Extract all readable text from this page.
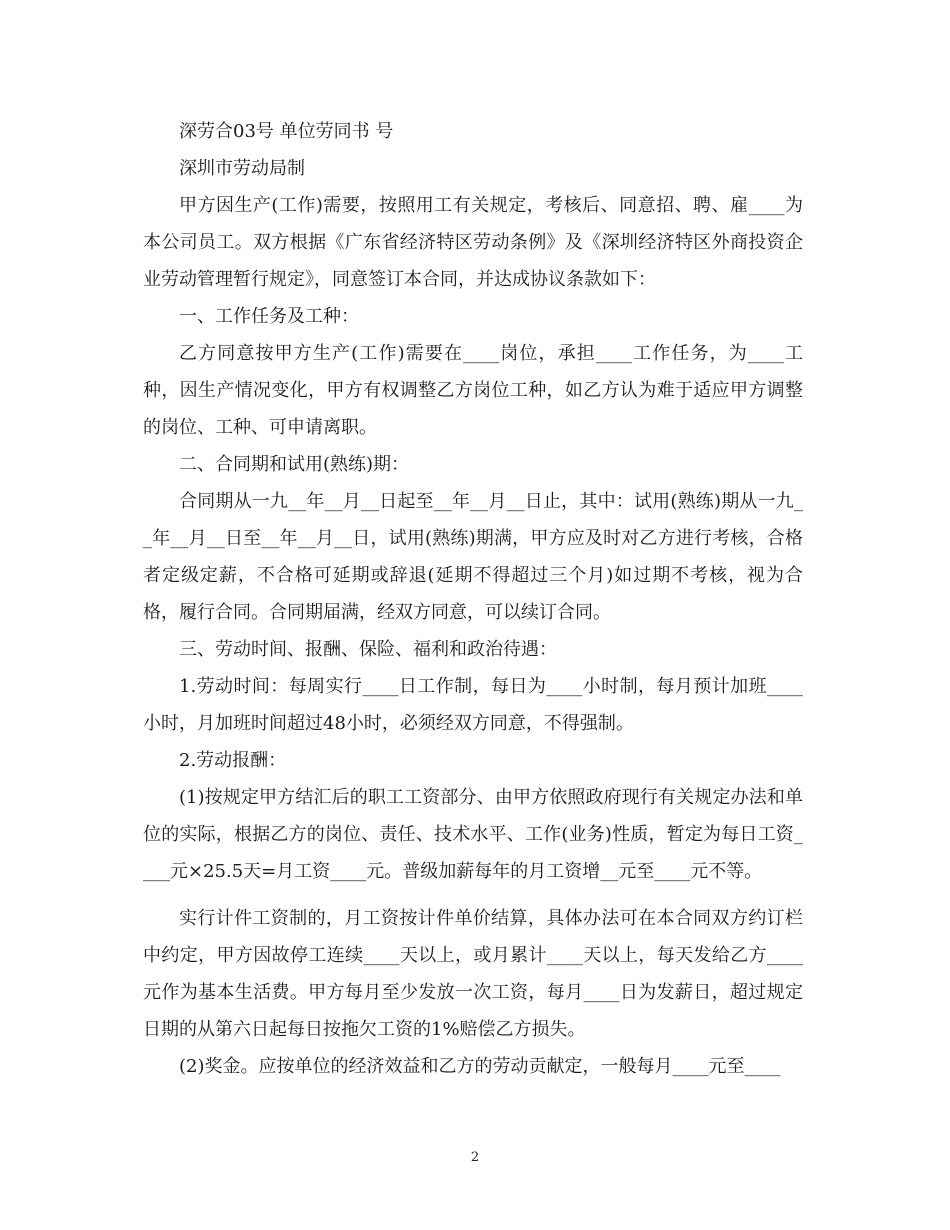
深劳合03号 单位劳同书 号

深圳市劳动局制

甲方因生产(工作)需要，按照用工有关规定，考核后、同意招、聘、雇____为本公司员工。双方根据《广东省经济特区劳动条例》及《深圳经济特区外商投资企业劳动管理暂行规定》，同意签订本合同，并达成协议条款如下：

一、工作任务及工种：

乙方同意按甲方生产(工作)需要在____岗位，承担____工作任务，为____工种，因生产情况变化，甲方有权调整乙方岗位工种，如乙方认为难于适应甲方调整的岗位、工种、可申请离职。

二、合同期和试用(熟练)期：

合同期从一九__年__月__日起至__年__月__日止，其中：试用(熟练)期从一九__年__月__日至__年__月__日，试用(熟练)期满，甲方应及时对乙方进行考核，合格者定级定薪，不合格可延期或辞退(延期不得超过三个月)如过期不考核，视为合格，履行合同。合同期届满，经双方同意，可以续订合同。

三、劳动时间、报酬、保险、福利和政治待遇：

1.劳动时间：每周实行____日工作制，每日为____小时制，每月预计加班____小时，月加班时间超过48小时，必须经双方同意，不得强制。

2.劳动报酬：

(1)按规定甲方结汇后的职工工资部分、由甲方依照政府现行有关规定办法和单位的实际，根据乙方的岗位、责任、技术水平、工作(业务)性质，暂定为每日工资____元×25.5天=月工资____元。普级加薪每年的月工资增__元至____元不等。

实行计件工资制的，月工资按计件单价结算，具体办法可在本合同双方约订栏中约定，甲方因故停工连续____天以上，或月累计____天以上，每天发给乙方____元作为基本生活费。甲方每月至少发放一次工资，每月____日为发薪日，超过规定日期的从第六日起每日按拖欠工资的1%赔偿乙方损失。

(2)奖金。应按单位的经济效益和乙方的劳动贡献定，一般每月____元至____

2
